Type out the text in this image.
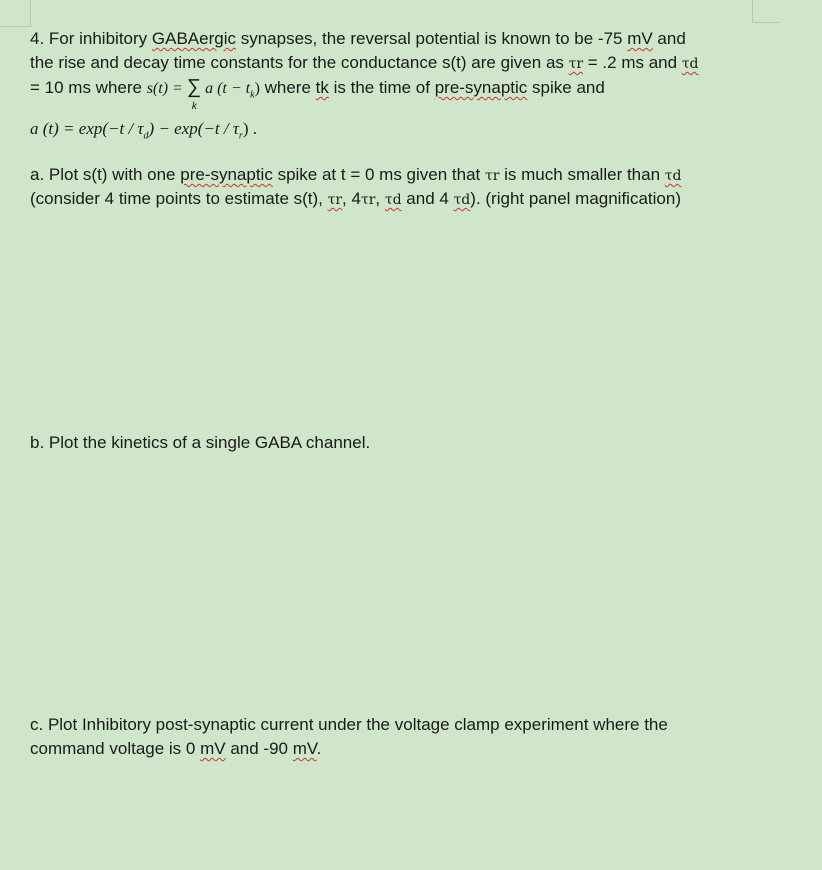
4. For inhibitory GABAergic synapses, the reversal potential is known to be -75 mV and
the rise and decay time constants for the conductance s(t) are given as τr = .2 ms and τd
= 10 ms where s(t) = ∑
k
a $(t - t_k)$ where tk is the time of pre-synaptic spike and
a $(t) = \exp(-t / \tau_d) - \exp(-t / \tau_r)$ .
a. Plot s(t) with one pre-synaptic spike at t = 0 ms given that τr is much smaller than τd
(consider 4 time points to estimate s(t), τr, 4τr, τd and 4 τd). (right panel magnification)
b. Plot the kinetics of a single GABA channel.
c. Plot Inhibitory post-synaptic current under the voltage clamp experiment where the
command voltage is 0 mV and -90 mV.
